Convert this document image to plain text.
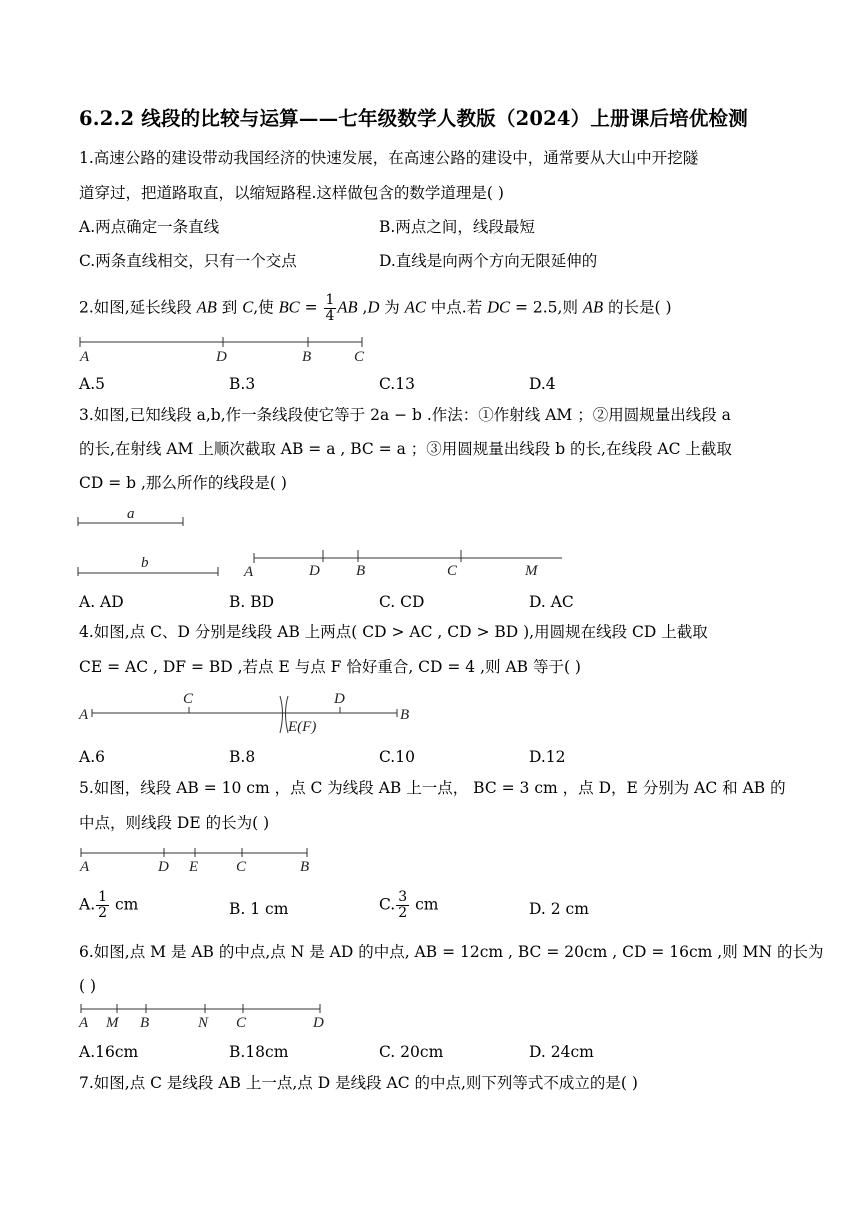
6.2.2 线段的比较与运算——七年级数学人教版（2024）上册课后培优检测
1.高速公路的建设带动我国经济的快速发展，在高速公路的建设中，通常要从大山中开挖隧
道穿过，把道路取直，以缩短路程.这样做包含的数学道理是( )
A.两点确定一条直线	B.两点之间，线段最短
C.两条直线相交，只有一个交点	D.直线是向两个方向无限延伸的
2.如图,延长线段 AB 到 C,使 BC = $\frac{1}{4}$ AB ,D 为 AC 中点.若 DC = 2.5,则 AB 的长是( )
A.5	B.3	C.13	D.4
3.如图,已知线段 a,b,作一条线段使它等于 2a − b .作法：①作射线 AM ；②用圆规量出线段 a
的长,在射线 AM 上顺次截取 AB = a , BC = a ；③用圆规量出线段 b 的长,在线段 AC 上截取
CD = b ,那么所作的线段是( )
A. AD	B. BD	C. CD	D. AC
4.如图,点 C、D 分别是线段 AB 上两点( CD > AC , CD > BD ),用圆规在线段 CD 上截取
CE = AC , DF = BD ,若点 E 与点 F 恰好重合, CD = 4 ,则 AB 等于( )
A.6	B.8	C.10	D.12
5.如图，线段 AB = 10 cm ，点 C 为线段 AB 上一点， BC = 3 cm ，点 D，E 分别为 AC 和 AB 的
中点，则线段 DE 的长为( )
A. $\frac{1}{2}$ cm	B. 1 cm	C. $\frac{3}{2}$ cm	D. 2 cm
6.如图,点 M 是 AB 的中点,点 N 是 AD 的中点, AB = 12cm , BC = 20cm , CD = 16cm ,则 MN 的长为
( )
A.16cm	B.18cm	C. 20cm	D. 24cm
7.如图,点 C 是线段 AB 上一点,点 D 是线段 AC 的中点,则下列等式不成立的是( )
A	D	B	C
a
b
A	D B	C	M
A
C	D
E(F)
B
A	D E	C	B
A M B	N C	D
